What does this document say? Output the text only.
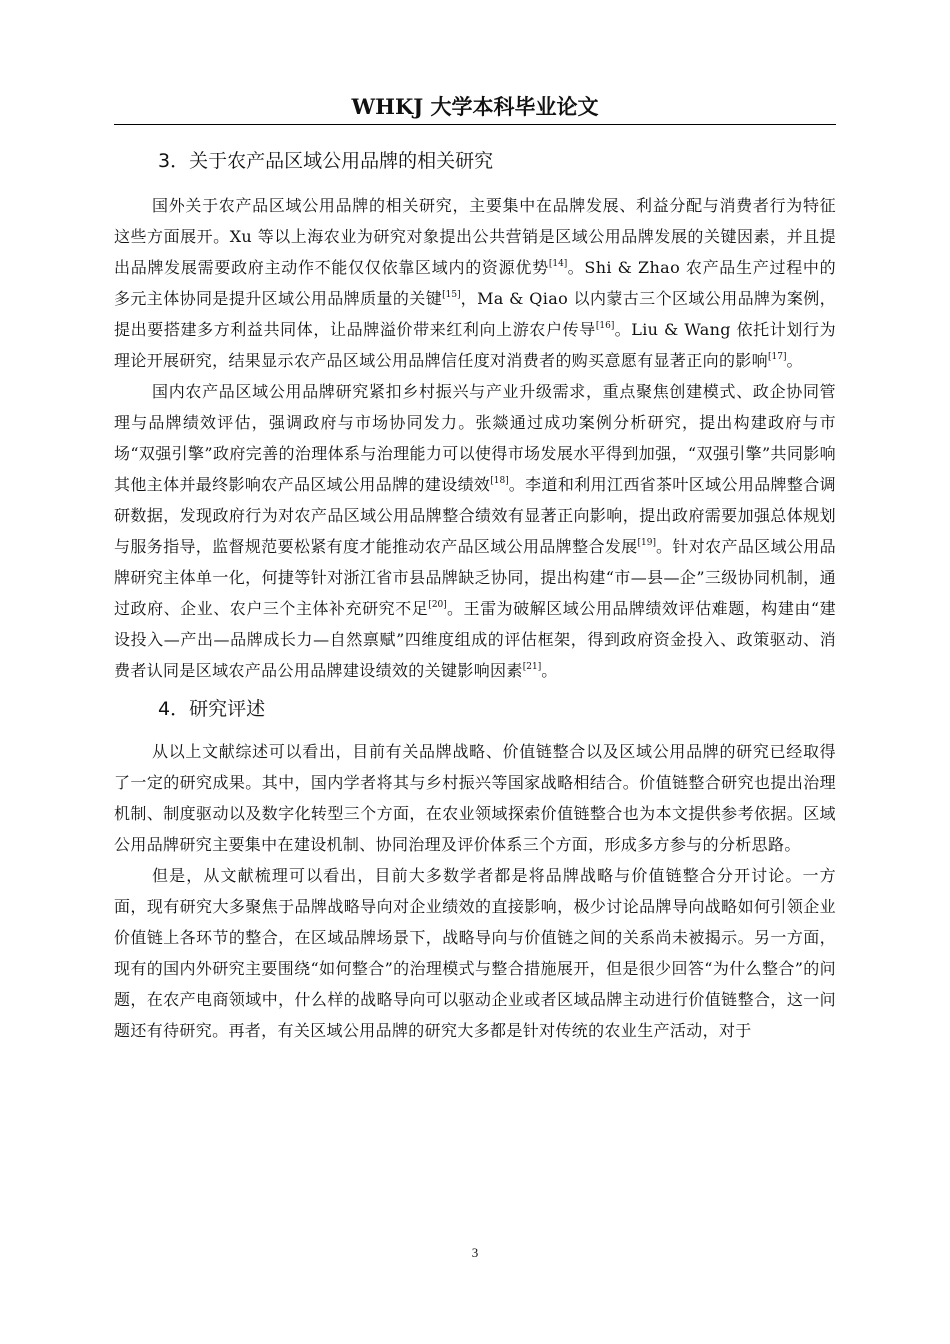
WHKJ 大学本科毕业论文
3．关于农产品区域公用品牌的相关研究

国外关于农产品区域公用品牌的相关研究，主要集中在品牌发展、利益分配与消费者行为特征这些方面展开。Xu 等以上海农业为研究对象提出公共营销是区域公用品牌发展的关键因素，并且提出品牌发展需要政府主动作不能仅仅依靠区域内的资源优势[14]。Shi & Zhao 农产品生产过程中的多元主体协同是提升区域公用品牌质量的关键[15]，Ma & Qiao 以内蒙古三个区域公用品牌为案例，提出要搭建多方利益共同体，让品牌溢价带来红利向上游农户传导[16]。Liu & Wang 依托计划行为理论开展研究，结果显示农产品区域公用品牌信任度对消费者的购买意愿有显著正向的影响[17]。

国内农产品区域公用品牌研究紧扣乡村振兴与产业升级需求，重点聚焦创建模式、政企协同管理与品牌绩效评估，强调政府与市场协同发力。张燚通过成功案例分析研究，提出构建政府与市场“双强引擎”政府完善的治理体系与治理能力可以使得市场发展水平得到加强，“双强引擎”共同影响其他主体并最终影响农产品区域公用品牌的建设绩效[18]。李道和利用江西省茶叶区域公用品牌整合调研数据，发现政府行为对农产品区域公用品牌整合绩效有显著正向影响，提出政府需要加强总体规划与服务指导，监督规范要松紧有度才能推动农产品区域公用品牌整合发展[19]。针对农产品区域公用品牌研究主体单一化，何捷等针对浙江省市县品牌缺乏协同，提出构建“市—县—企”三级协同机制，通过政府、企业、农户三个主体补充研究不足[20]。王雷为破解区域公用品牌绩效评估难题，构建由“建设投入—产出—品牌成长力—自然禀赋”四维度组成的评估框架，得到政府资金投入、政策驱动、消费者认同是区域农产品公用品牌建设绩效的关键影响因素[21]。

4．研究评述

从以上文献综述可以看出，目前有关品牌战略、价值链整合以及区域公用品牌的研究已经取得了一定的研究成果。其中，国内学者将其与乡村振兴等国家战略相结合。价值链整合研究也提出治理机制、制度驱动以及数字化转型三个方面，在农业领域探索价值链整合也为本文提供参考依据。区域公用品牌研究主要集中在建设机制、协同治理及评价体系三个方面，形成多方参与的分析思路。

但是，从文献梳理可以看出，目前大多数学者都是将品牌战略与价值链整合分开讨论。一方面，现有研究大多聚焦于品牌战略导向对企业绩效的直接影响，极少讨论品牌导向战略如何引领企业价值链上各环节的整合，在区域品牌场景下，战略导向与价值链之间的关系尚未被揭示。另一方面，现有的国内外研究主要围绕“如何整合”的治理模式与整合措施展开，但是很少回答“为什么整合”的问题，在农产电商领域中，什么样的战略导向可以驱动企业或者区域品牌主动进行价值链整合，这一问题还有待研究。再者，有关区域公用品牌的研究大多都是针对传统的农业生产活动，对于

3
